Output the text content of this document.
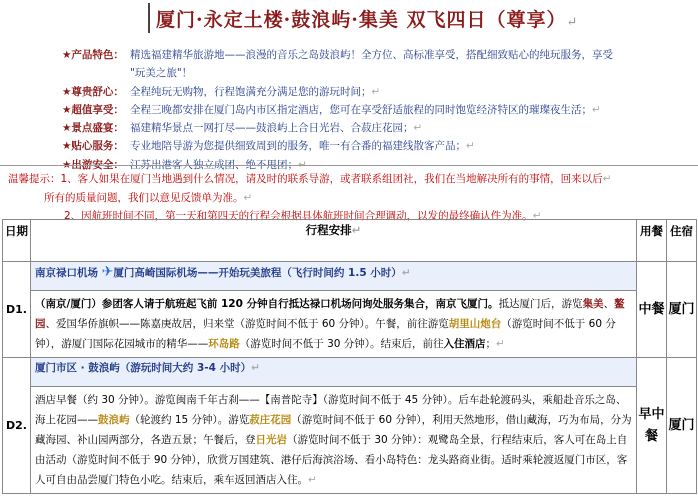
厦门·永定土楼·鼓浪屿·集美 双飞四日（尊享）↵
★产品特色： 精选福建精华旅游地——浪漫的音乐之岛鼓浪屿！全方位、高标准享受，搭配细致贴心的纯玩服务，享受
"玩美之旅"！
★尊贵舒心： 全程纯玩无购物，行程饱满充分满足您的游玩时间； ↵
★超值享受： 全程三晚都安排在厦门岛内市区指定酒店，您可在享受舒适旅程的同时饱览经济特区的璀璨夜生活； ↵
★景点盛宴： 福建精华景点一网打尽——鼓浪屿上合日光岩、合菽庄花园； ↵
★贴心服务： 专业地陪导游为您提供细致周到的服务，唯一有合番的福建线散客产品； ↵
★出游安全： 江苏出港客人独立成团、绝不甩团； ↵
温馨提示：1、客人如果在厦门当地遇到什么情况，请及时的联系导游，或者联系组团社，我们在当地解决所有的事情，回来以后↵
所有的质量问题，我们以意见反馈单为准。↵
2、因航班时间不同，第一天和第四天的行程会根据具体航班时间合理调动，以发的最终确认件为准。↵
日期	行程安排↵	用餐	住宿
D1.	南京禄口机场 ✈厦门高崎国际机场——开始玩美旅程（飞行时间约 1.5 小时）↵	中餐	厦门
	（南京/厦门）参团客人请于航班起飞前 120 分钟自行抵达禄口机场问询处服务集合，南京飞厦门。抵达厦门后，游览集美、鳌园、爱国华侨旗帜——陈嘉庚故居，归来堂（游览时间不低于 60 分钟）。午餐，前往游览胡里山炮台（游览时间不低于 60 分钟），游厦门国际花园城市的精华——环岛路（游览时间不低于 30 分钟）。结束后，前往入住酒店；↵		
D2.	厦门市区 · 鼓浪屿（游玩时间大约 3-4 小时）↵	早中餐	厦门
	酒店早餐（约 30 分钟）。游览闽南千年古刹——【南普陀寺】（游览时间不低于 45 分钟）。后车赴轮渡码头，乘船赴音乐之岛、海上花园——鼓浪屿（轮渡约 15 分钟）。游览菽庄花园（游览时间不低于 60 分钟），利用天然地形，借山藏海，巧为布局，分为藏海园、补山园两部分，各造五景；午餐后，登日光岩（游览时间不低于 30 分钟）：观鹭岛全景，行程结束后，客人可在岛上自由活动（游览时间不低于 90 分钟），欣赏万国建筑、港仔后海滨浴场、看小岛特色：龙头路商业街。适时乘轮渡返厦门市区，客人可自由品尝厦门特色小吃。结束后，乘车返回酒店入住。↵		
